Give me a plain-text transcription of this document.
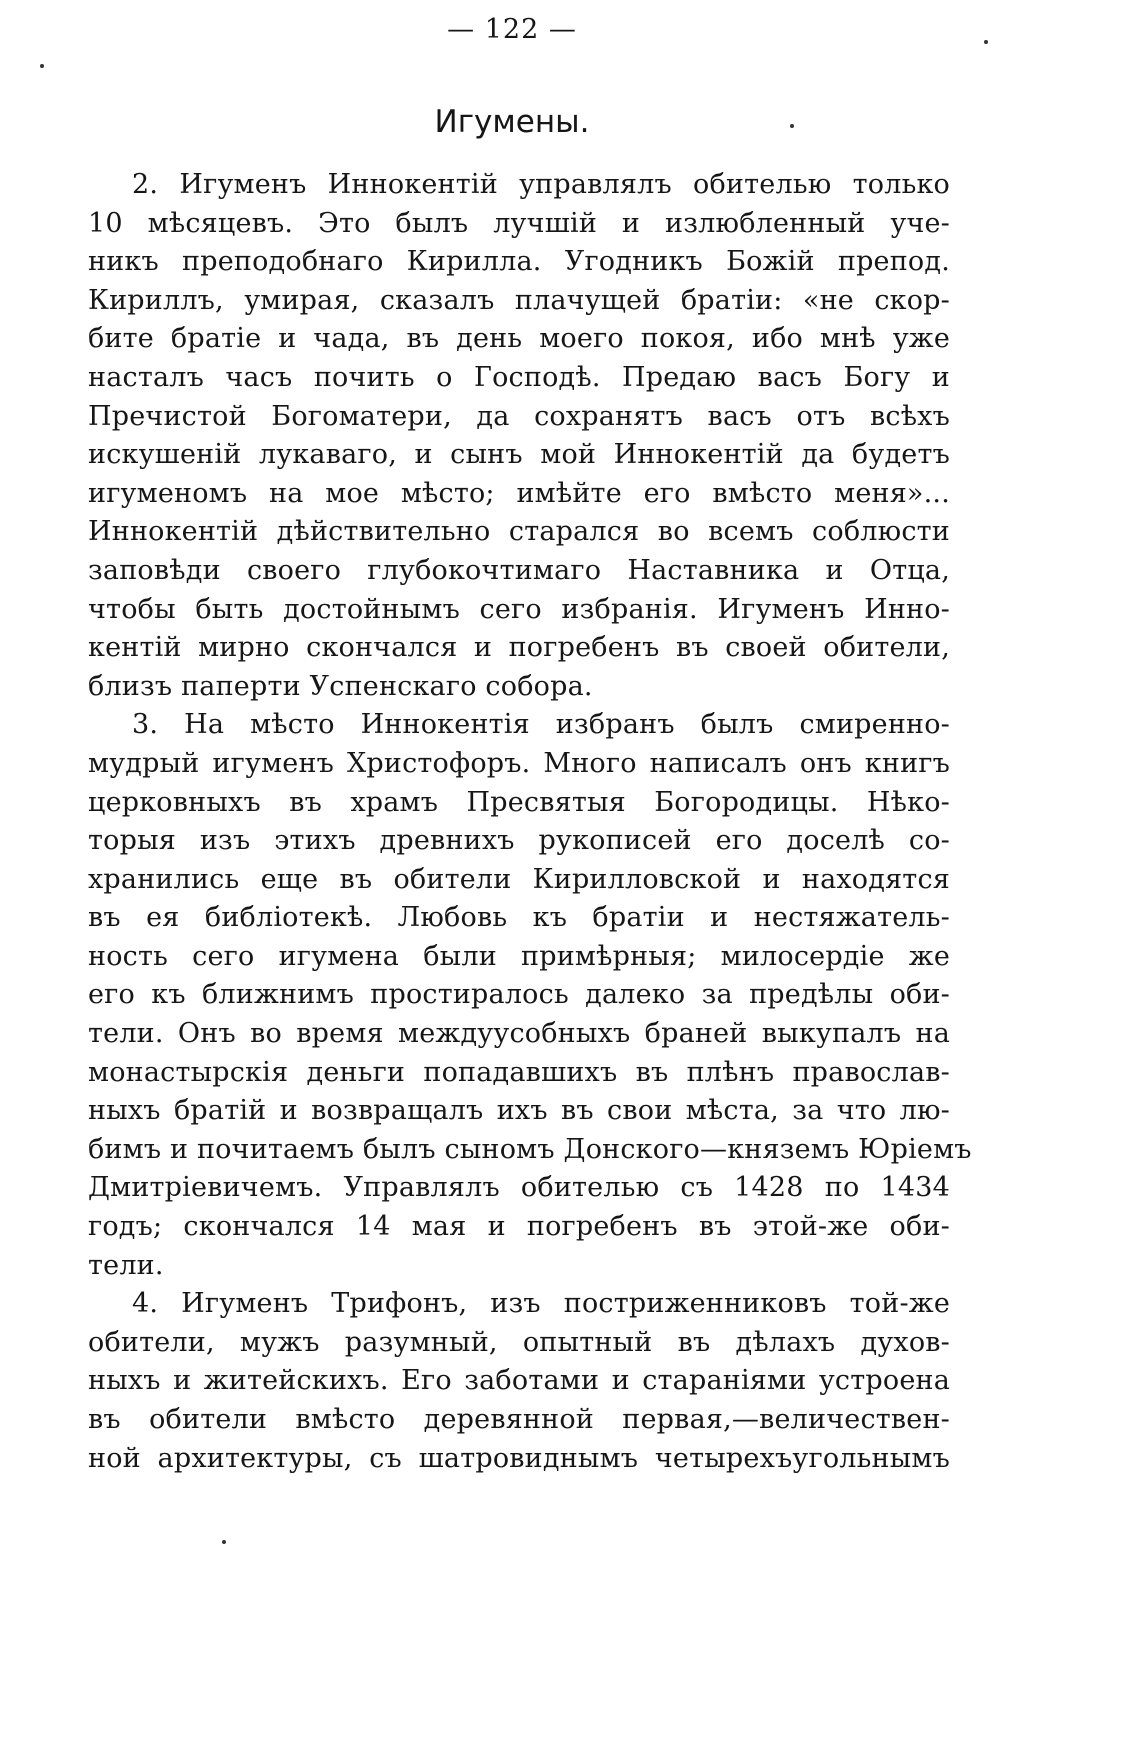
— 122 —
Игумены.
2. Игуменъ Иннокентій управлялъ обителью только
10 мѣсяцевъ. Это былъ лучшій и излюбленный уче-
никъ преподобнаго Кирилла. Угодникъ Божій препод.
Кириллъ, умирая, сказалъ плачущей братіи: «не скор-
бите братіе и чада, въ день моего покоя, ибо мнѣ уже
насталъ часъ почить о Господѣ. Предаю васъ Богу и
Пречистой Богоматери, да сохранятъ васъ отъ всѣхъ
искушеній лукаваго, и сынъ мой Иннокентій да будетъ
игуменомъ на мое мѣсто; имѣйте его вмѣсто меня»...
Иннокентій дѣйствительно старался во всемъ соблюсти
заповѣди своего глубокочтимаго Наставника и Отца,
чтобы быть достойнымъ сего избранія. Игуменъ Инно-
кентій мирно скончался и погребенъ въ своей обители,
близъ паперти Успенскаго собора.
3. На мѣсто Иннокентія избранъ былъ смиренно-
мудрый игуменъ Христофоръ. Много написалъ онъ книгъ
церковныхъ въ храмъ Пресвятыя Богородицы. Нѣко-
торыя изъ этихъ древнихъ рукописей его доселѣ со-
хранились еще въ обители Кирилловской и находятся
въ ея библіотекѣ. Любовь къ братіи и нестяжатель-
ность сего игумена были примѣрныя; милосердіе же
его къ ближнимъ простиралось далеко за предѣлы оби-
тели. Онъ во время междуусобныхъ браней выкупалъ на
монастырскія деньги попадавшихъ въ плѣнъ православ-
ныхъ братій и возвращалъ ихъ въ свои мѣста, за что лю-
бимъ и почитаемъ былъ сыномъ Донского—княземъ Юріемъ
Дмитріевичемъ. Управлялъ обителью съ 1428 по 1434
годъ; скончался 14 мая и погребенъ въ этой-же оби-
тели.
4. Игуменъ Трифонъ, изъ постриженниковъ той-же
обители, мужъ разумный, опытный въ дѣлахъ духов-
ныхъ и житейскихъ. Его заботами и стараніями устроена
въ обители вмѣсто деревянной первая,—величествен-
ной архитектуры, съ шатровиднымъ четырехъугольнымъ
